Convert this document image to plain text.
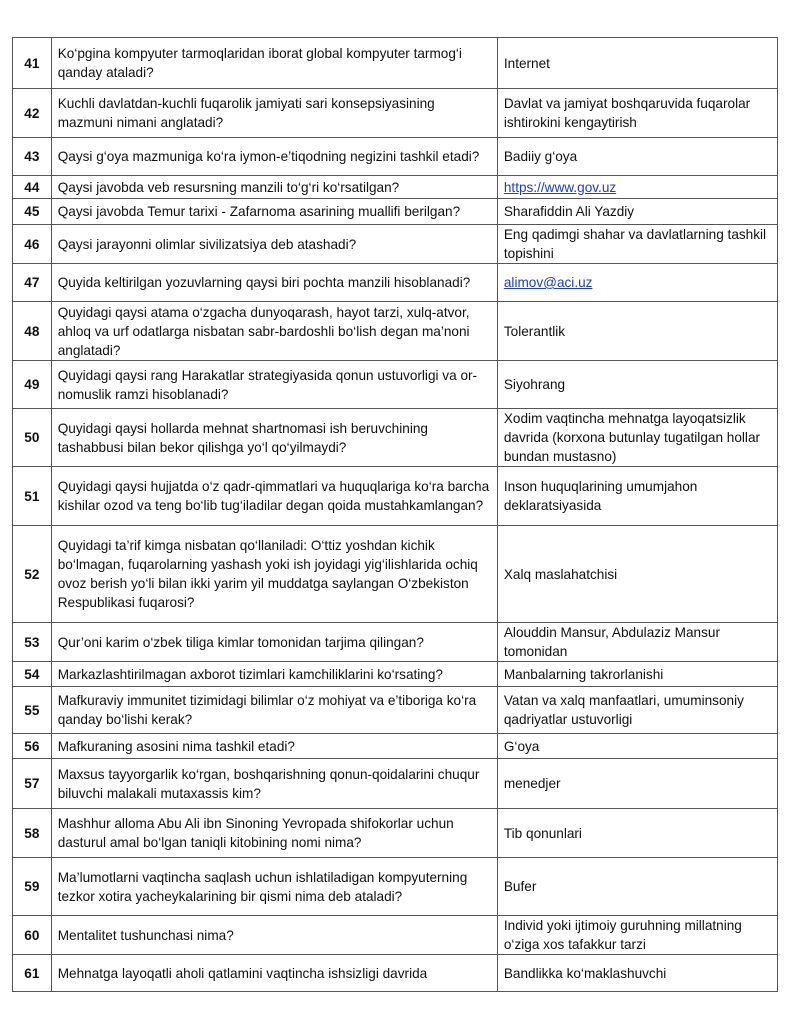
41	Ko‘pgina kompyuter tarmoqlaridan iborat global kompyuter tarmog‘i qanday ataladi?	Internet
42	Kuchli davlatdan-kuchli fuqarolik jamiyati sari konsepsiyasining mazmuni nimani anglatadi?	Davlat va jamiyat boshqaruvida fuqarolar ishtirokini kengaytirish
43	Qaysi g‘oya mazmuniga ko‘ra iymon-e’tiqodning negizini tashkil etadi?	Badiiy g‘oya
44	Qaysi javobda veb resursning manzili to‘g‘ri ko‘rsatilgan?	https://www.gov.uz
45	Qaysi javobda Temur tarixi - Zafarnoma asarining muallifi berilgan?	Sharafiddin Ali Yazdiy
46	Qaysi jarayonni olimlar sivilizatsiya deb atashadi?	Eng qadimgi shahar va davlatlarning tashkil topishini
47	Quyida keltirilgan yozuvlarning qaysi biri pochta manzili hisoblanadi?	alimov@aci.uz
48	Quyidagi qaysi atama o‘zgacha dunyoqarash, hayot tarzi, xulq-atvor, ahloq va urf odatlarga nisbatan sabr-bardoshli bo‘lish degan ma’noni anglatadi?	Tolerantlik
49	Quyidagi qaysi rang Harakatlar strategiyasida qonun ustuvorligi va or-nomuslik ramzi hisoblanadi?	Siyohrang
50	Quyidagi qaysi hollarda mehnat shartnomasi ish beruvchining tashabbusi bilan bekor qilishga yo‘l qo‘yilmaydi?	Xodim vaqtincha mehnatga layoqatsizlik davrida (korxona butunlay tugatilgan hollar bundan mustasno)
51	Quyidagi qaysi hujjatda o‘z qadr-qimmatlari va huquqlariga ko‘ra barcha kishilar ozod va teng bo‘lib tug‘iladilar degan qoida mustahkamlangan?	Inson huquqlarining umumjahon deklaratsiyasida
52	Quyidagi ta’rif kimga nisbatan qo‘llaniladi: O‘ttiz yoshdan kichik bo‘lmagan, fuqarolarning yashash yoki ish joyidagi yig‘ilishlarida ochiq ovoz berish yo‘li bilan ikki yarim yil muddatga saylangan O‘zbekiston Respublikasi fuqarosi?	Xalq maslahatchisi
53	Qur’oni karim o‘zbek tiliga kimlar tomonidan tarjima qilingan?	Alouddin Mansur, Abdulaziz Mansur tomonidan
54	Markazlashtirilmagan axborot tizimlari kamchiliklarini ko‘rsating?	Manbalarning takrorlanishi
55	Mafkuraviy immunitet tizimidagi bilimlar o‘z mohiyat va e’tiboriga ko‘ra qanday bo‘lishi kerak?	Vatan va xalq manfaatlari, umuminsoniy qadriyatlar ustuvorligi
56	Mafkuraning asosini nima tashkil etadi?	G‘oya
57	Maxsus tayyorgarlik ko‘rgan, boshqarishning qonun-qoidalarini chuqur biluvchi malakali mutaxassis kim?	menedjer
58	Mashhur alloma Abu Ali ibn Sinoning Yevropada shifokorlar uchun dasturul amal bo‘lgan taniqli kitobining nomi nima?	Tib qonunlari
59	Ma’lumotlarni vaqtincha saqlash uchun ishlatiladigan kompyuterning tezkor xotira yacheykalarining bir qismi nima deb ataladi?	Bufer
60	Mentalitet tushunchasi nima?	Individ yoki ijtimoiy guruhning millatning o‘ziga xos tafakkur tarzi
61	Mehnatga layoqatli aholi qatlamini vaqtincha ishsizligi davrida	Bandlikka ko‘maklashuvchi
